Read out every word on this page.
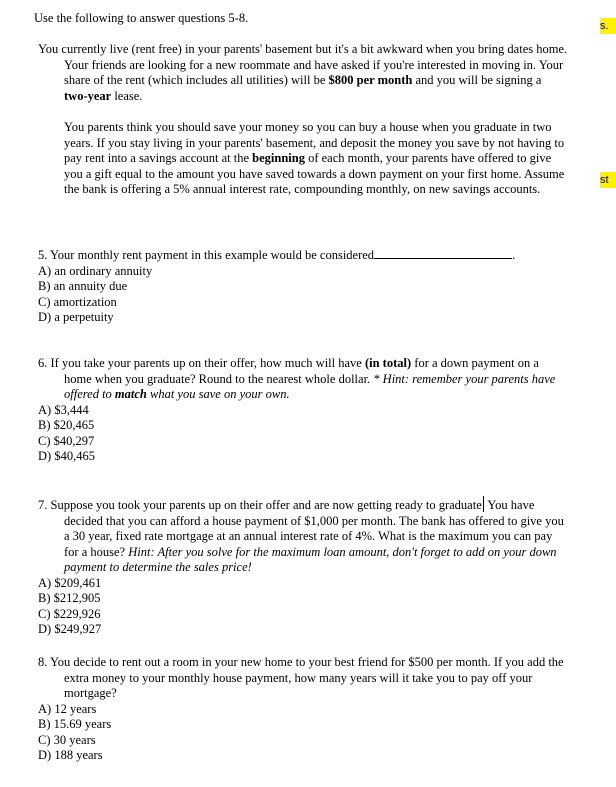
Use the following to answer questions 5-8.

You currently live (rent free) in your parents' basement but it's a bit awkward when you bring dates home. Your friends are looking for a new roommate and have asked if you're interested in moving in. Your share of the rent (which includes all utilities) will be $800 per month and you will be signing a two-year lease.

You parents think you should save your money so you can buy a house when you graduate in two years. If you stay living in your parents' basement, and deposit the money you save by not having to pay rent into a savings account at the beginning of each month, your parents have offered to give you a gift equal to the amount you have saved towards a down payment on your first home. Assume the bank is offering a 5% annual interest rate, compounding monthly, on new savings accounts.

5. Your monthly rent payment in this example would be considered	.
A) an ordinary annuity
B) an annuity due
C) amortization
D) a perpetuity
6. If you take your parents up on their offer, how much will have (in total) for a down payment on a home when you graduate? Round to the nearest whole dollar. * Hint: remember your parents have offered to match what you save on your own.
A) $3,444
B) $20,465
C) $40,297
D) $40,465
7. Suppose you took your parents up on their offer and are now getting ready to graduate You have decided that you can afford a house payment of $1,000 per month. The bank has offered to give you a 30 year, fixed rate mortgage at an annual interest rate of 4%. What is the maximum you can pay for a house? Hint: After you solve for the maximum loan amount, don't forget to add on your down payment to determine the sales price!
A) $209,461
B) $212,905
C) $229,926
D) $249,927
8. You decide to rent out a room in your new home to your best friend for $500 per month. If you add the extra money to your monthly house payment, how many years will it take you to pay off your mortgage?
A) 12 years
B) 15.69 years
C) 30 years
D) 188 years
s.
st
